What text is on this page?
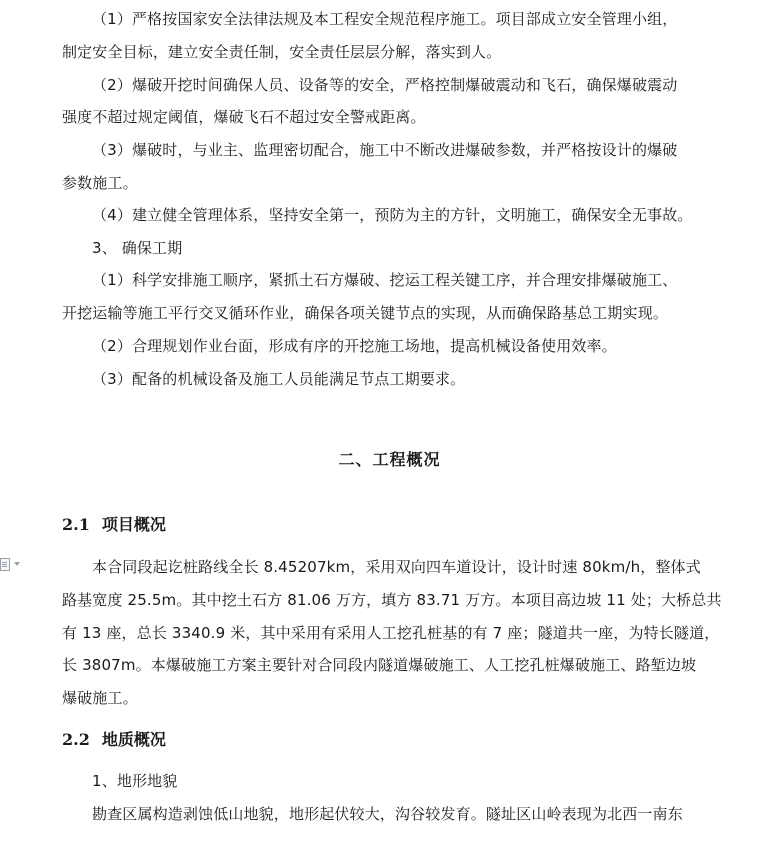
（1）严格按国家安全法律法规及本工程安全规范程序施工。项目部成立安全管理小组，
制定安全目标，建立安全责任制，安全责任层层分解，落实到人。
（2）爆破开挖时间确保人员、设备等的安全，严格控制爆破震动和飞石，确保爆破震动
强度不超过规定阈值，爆破飞石不超过安全警戒距离。
（3）爆破时，与业主、监理密切配合，施工中不断改进爆破参数，并严格按设计的爆破
参数施工。
（4）建立健全管理体系，坚持安全第一，预防为主的方针，文明施工，确保安全无事故。
3、 确保工期
（1）科学安排施工顺序，紧抓土石方爆破、挖运工程关键工序，并合理安排爆破施工、
开挖运输等施工平行交叉循环作业，确保各项关键节点的实现，从而确保路基总工期实现。
（2）合理规划作业台面，形成有序的开挖施工场地，提高机械设备使用效率。
（3）配备的机械设备及施工人员能满足节点工期要求。
二、工程概况
2.1 项目概况
本合同段起讫桩路线全长 8.45207km，采用双向四车道设计，设计时速 80km/h，整体式
路基宽度 25.5m。其中挖土石方 81.06 万方，填方 83.71 万方。本项目高边坡 11 处；大桥总共
有 13 座，总长 3340.9 米，其中采用有采用人工挖孔桩基的有 7 座；隧道共一座，为特长隧道，
长 3807m。本爆破施工方案主要针对合同段内隧道爆破施工、人工挖孔桩爆破施工、路堑边坡
爆破施工。
2.2 地质概况
1、地形地貌
勘查区属构造剥蚀低山地貌，地形起伏较大，沟谷较发育。隧址区山岭表现为北西一南东
